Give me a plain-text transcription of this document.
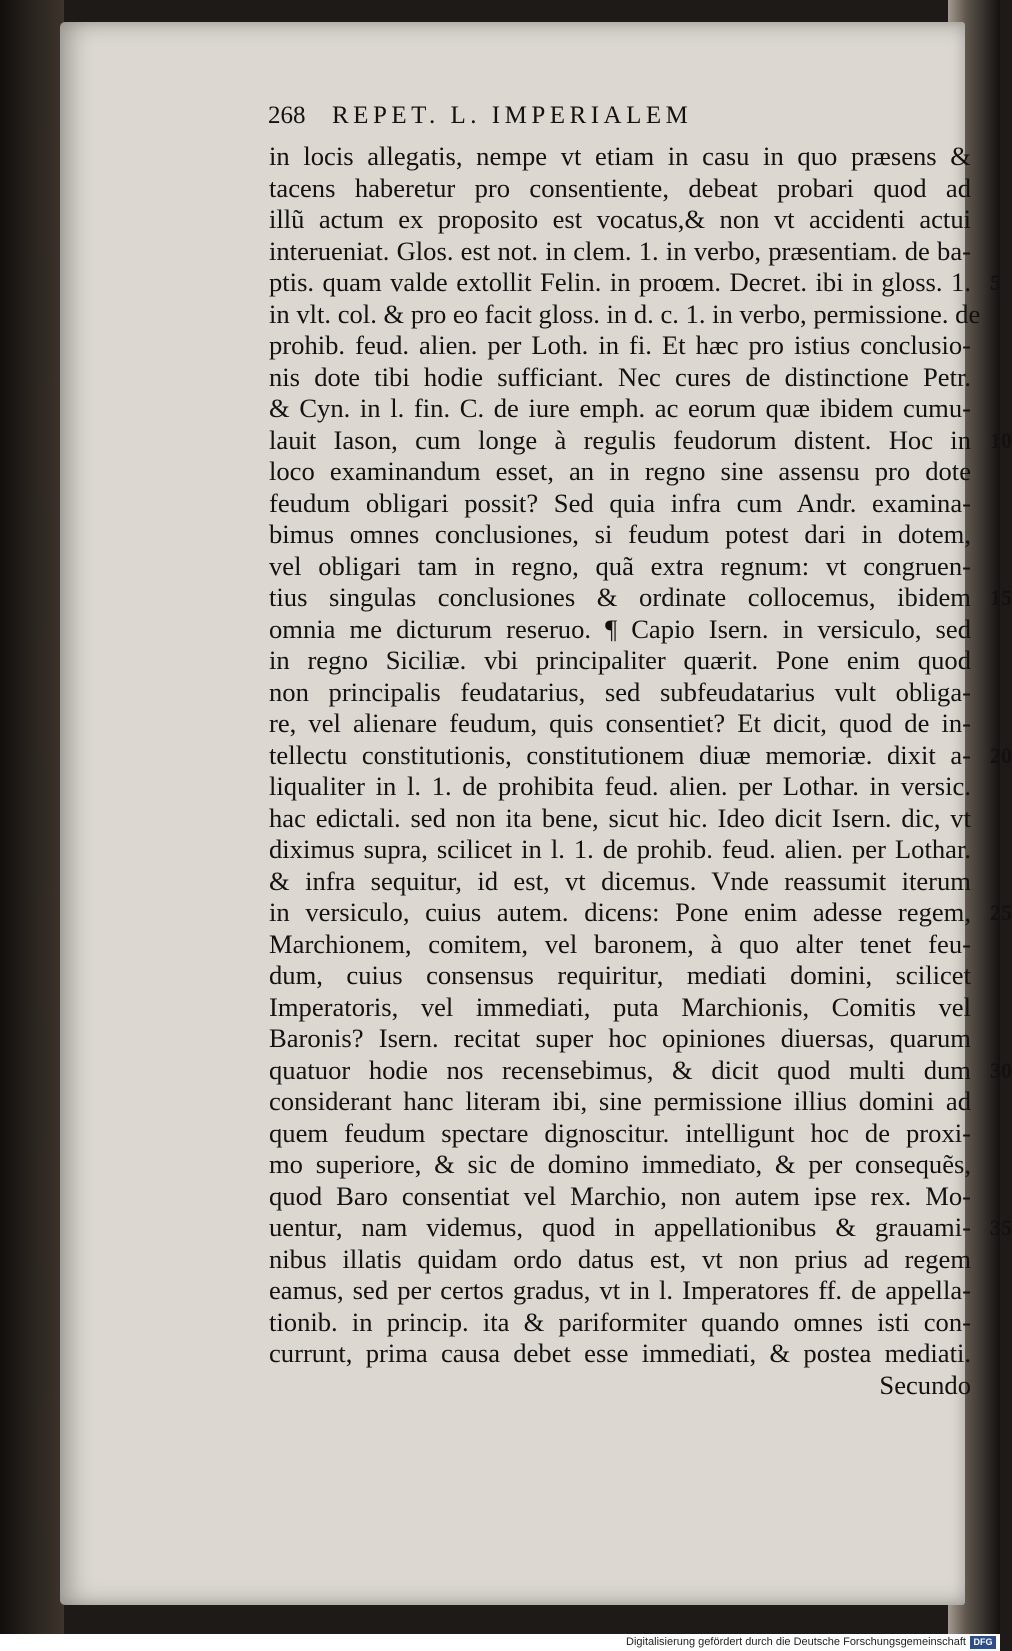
268 REPET. L. IMPERIALEM
in locis allegatis, nempe vt etiam in casu in quo præsens &
tacens haberetur pro consentiente, debeat probari quod ad
illũ actum ex proposito est vocatus,& non vt accidenti actui
interueniat. Glos. est not. in clem. 1. in verbo, præsentiam. de ba-
ptis. quam valde extollit Felin. in proœm. Decret. ibi in gloss. 1.
in vlt. col. & pro eo facit gloss. in d. c. 1. in verbo, permissione. de
prohib. feud. alien. per Loth. in fi. Et hæc pro istius conclusio-
nis dote tibi hodie sufficiant. Nec cures de distinctione Petr.
& Cyn. in l. fin. C. de iure emph. ac eorum quæ ibidem cumu-
lauit Iason, cum longe à regulis feudorum distent. Hoc in
loco examinandum esset, an in regno sine assensu pro dote
feudum obligari possit? Sed quia infra cum Andr. examina-
bimus omnes conclusiones, si feudum potest dari in dotem,
vel obligari tam in regno, quã extra regnum: vt congruen-
tius singulas conclusiones & ordinate collocemus, ibidem
omnia me dicturum reseruo. ¶ Capio Isern. in versiculo, sed
in regno Siciliæ. vbi principaliter quærit. Pone enim quod
non principalis feudatarius, sed subfeudatarius vult obliga-
re, vel alienare feudum, quis consentiet? Et dicit, quod de in-
tellectu constitutionis, constitutionem diuæ memoriæ. dixit a-
liqualiter in l. 1. de prohibita feud. alien. per Lothar. in versic.
hac edictali. sed non ita bene, sicut hic. Ideo dicit Isern. dic, vt
diximus supra, scilicet in l. 1. de prohib. feud. alien. per Lothar.
& infra sequitur, id est, vt dicemus. Vnde reassumit iterum
in versiculo, cuius autem. dicens: Pone enim adesse regem,
Marchionem, comitem, vel baronem, à quo alter tenet feu-
dum, cuius consensus requiritur, mediati domini, scilicet
Imperatoris, vel immediati, puta Marchionis, Comitis vel
Baronis? Isern. recitat super hoc opiniones diuersas, quarum
quatuor hodie nos recensebimus, & dicit quod multi dum
considerant hanc literam ibi, sine permissione illius domini ad
quem feudum spectare dignoscitur. intelligunt hoc de proxi-
mo superiore, & sic de domino immediato, & per consequẽs,
quod Baro consentiat vel Marchio, non autem ipse rex. Mo-
uentur, nam videmus, quod in appellationibus & grauami-
nibus illatis quidam ordo datus est, vt non prius ad regem
eamus, sed per certos gradus, vt in l. Imperatores ff. de appella-
tionib. in princip. ita & pariformiter quando omnes isti con-
currunt, prima causa debet esse immediati, & postea mediati.
Secundo
5
10
15
20
25
30
35
Digitalisierung gefördert durch die Deutsche Forschungsgemeinschaft DFG
